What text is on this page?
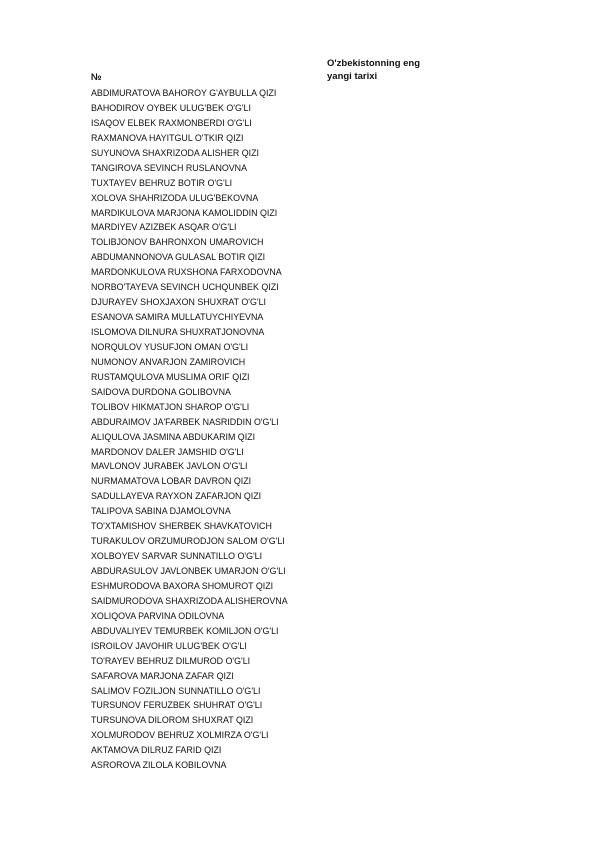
O'zbekistonning eng yangi tarixi
№
ABDIMURATOVA BAHOROY G'AYBULLA QIZI
BAHODIROV OYBEK ULUG'BEK O'G'LI
ISAQOV ELBEK RAXMONBERDI O'G'LI
RAXMANOVA HAYITGUL O'TKIR QIZI
SUYUNOVA SHAXRIZODA ALISHER QIZI
TANGIROVA SEVINCH RUSLANOVNA
TUXTAYEV BEHRUZ BOTIR O'G'LI
XOLOVA SHAHRIZODA ULUG'BEKOVNA
MARDIKULOVA MARJONA KAMOLIDDIN QIZI
MARDIYEV AZIZBEK ASQAR O'G'LI
TOLIBJONOV BAHRONXON UMAROVICH
ABDUMANNONOVA GULASAL BOTIR QIZI
MARDONKULOVA RUXSHONA FARXODOVNA
NORBO'TAYEVA SEVINCH UCHQUNBEK QIZI
DJURAYEV SHOXJAXON SHUXRAT O'G'LI
ESANOVA SAMIRA MULLATUYCHIYEVNA
ISLOMOVA DILNURA SHUXRATJONOVNA
NORQULOV YUSUFJON OMAN O'G'LI
NUMONOV ANVARJON ZAMIROVICH
RUSTAMQULOVA MUSLIMA ORIF QIZI
SAIDOVA DURDONA GOLIBOVNA
TOLIBOV HIKMATJON SHAROP O'G'LI
ABDURAIMOV JA'FARBEK NASRIDDIN O'G'LI
ALIQULOVA JASMINA ABDUKARIM QIZI
MARDONOV DALER JAMSHID O'G'LI
MAVLONOV JURABEK JAVLON O'G'LI
NURMAMATOVA LOBAR DAVRON QIZI
SADULLAYEVA RAYXON ZAFARJON QIZI
TALIPOVA SABINA DJAMOLOVNA
TO'XTAMISHOV SHERBEK SHAVKATOVICH
TURAKULOV ORZUMURODJON SALOM O'G'LI
XOLBOYEV SARVAR SUNNATILLO O'G'LI
ABDURASULOV JAVLONBEK UMARJON O'G'LI
ESHMURODOVA BAXORA SHOMUROT QIZI
SAIDMURODOVA SHAXRIZODA ALISHEROVNA
XOLIQOVA PARVINA ODILOVNA
ABDUVALIYEV TEMURBEK KOMILJON O'G'LI
ISROILOV JAVOHIR ULUG'BEK O'G'LI
TO'RAYEV BEHRUZ DILMUROD O'G'LI
SAFAROVA MARJONA ZAFAR QIZI
SALIMOV FOZILJON SUNNATILLO O'G'LI
TURSUNOV FERUZBEK SHUHRAT O'G'LI
TURSUNOVA DILOROM SHUXRAT QIZI
XOLMURODOV BEHRUZ XOLMIRZA O'G'LI
AKTAMOVA DILRUZ FARID QIZI
ASROROVA ZILOLA KOBILOVNA
